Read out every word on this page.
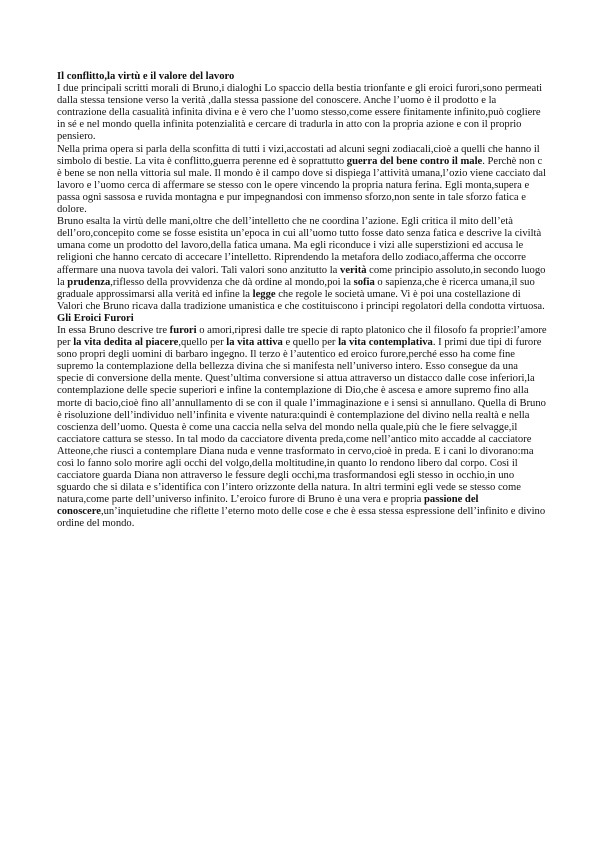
Il conflitto,la virtù e il valore del lavoro

I due principali scritti morali di Bruno,i dialoghi Lo spaccio della bestia trionfante e gli eroici furori,sono permeati dalla stessa tensione verso la verità ,dalla stessa passione del conoscere. Anche l’uomo è il prodotto e la contrazione della casualità infinita divina e è vero che l’uomo stesso,come essere finitamente infinito,può cogliere in sé e nel mondo quella infinita potenzialità e cercare di tradurla in atto con la propria azione e con il proprio pensiero.

Nella prima opera si parla della sconfitta di tutti i vizi,accostati ad alcuni segni zodiacali,cioè a quelli che hanno il simbolo di bestie. La vita è conflitto,guerra perenne ed è soprattutto guerra del bene contro il male. Perchè non c è bene se non nella vittoria sul male. Il mondo è il campo dove si dispiega l’attività umana,l’ozio viene cacciato dal lavoro e l’uomo cerca di affermare se stesso con le opere vincendo la propria natura ferina. Egli monta,supera e passa ogni sassosa e ruvida montagna e pur impegnandosi con immenso sforzo,non sente in tale sforzo fatica e dolore.

Bruno esalta la virtù delle mani,oltre che dell’intelletto che ne coordina l’azione. Egli critica il mito dell’età dell’oro,concepito come se fosse esistita un’epoca in cui all’uomo tutto fosse dato senza fatica e descrive la civiltà umana come un prodotto del lavoro,della fatica umana. Ma egli riconduce i vizi alle superstizioni ed accusa le religioni che hanno cercato di accecare l’intelletto. Riprendendo la metafora dello zodiaco,afferma che occorre affermare una nuova tavola dei valori. Tali valori sono anzitutto la verità come principio assoluto,in secondo luogo la prudenza,riflesso della provvidenza che dà ordine al mondo,poi la sofia o sapienza,che è ricerca umana,il suo graduale approssimarsi alla verità ed infine la legge che regole le società umane. Vi è poi una costellazione di Valori che Bruno ricava dalla tradizione umanistica e che costituiscono i principi regolatori della condotta virtuosa.

Gli Eroici Furori

In essa Bruno descrive tre furori o amori,ripresi dalle tre specie di rapto platonico che il filosofo fa proprie:l’amore per la vita dedita al piacere,quello per la vita attiva e quello per la vita contemplativa. I primi due tipi di furore sono propri degli uomini di barbaro ingegno. Il terzo è l’autentico ed eroico furore,perché esso ha come fine supremo la contemplazione della bellezza divina che si manifesta nell’universo intero. Esso consegue da una specie di conversione della mente. Quest’ultima conversione si attua attraverso un distacco dalle cose inferiori,la contemplazione delle specie superiori e infine la contemplazione di Dio,che è ascesa e amore supremo fino alla morte di bacio,cioè fino all’annullamento di se con il quale l’immaginazione e i sensi si annullano. Quella di Bruno è risoluzione dell’individuo nell’infinita e vivente natura:quindi è contemplazione del divino nella realtà e nella coscienza dell’uomo. Questa è come una caccia nella selva del mondo nella quale,più che le fiere selvagge,il cacciatore cattura se stesso. In tal modo da cacciatore diventa preda,come nell’antico mito accadde al cacciatore Atteone,che riuscì a contemplare Diana nuda e venne trasformato in cervo,cioè in preda. E i cani lo divorano:ma così lo fanno solo morire agli occhi del volgo,della moltitudine,in quanto lo rendono libero dal corpo. Così il cacciatore guarda Diana non attraverso le fessure degli occhi,ma trasformandosi egli stesso in occhio,in uno sguardo che si dilata e s’identifica con l’intero orizzonte della natura. In altri termini egli vede se stesso come natura,come parte dell’universo infinito. L’eroico furore di Bruno è una vera e propria passione del conoscere,un’inquietudine che riflette l’eterno moto delle cose e che è essa stessa espressione dell’infinito e divino ordine del mondo.
